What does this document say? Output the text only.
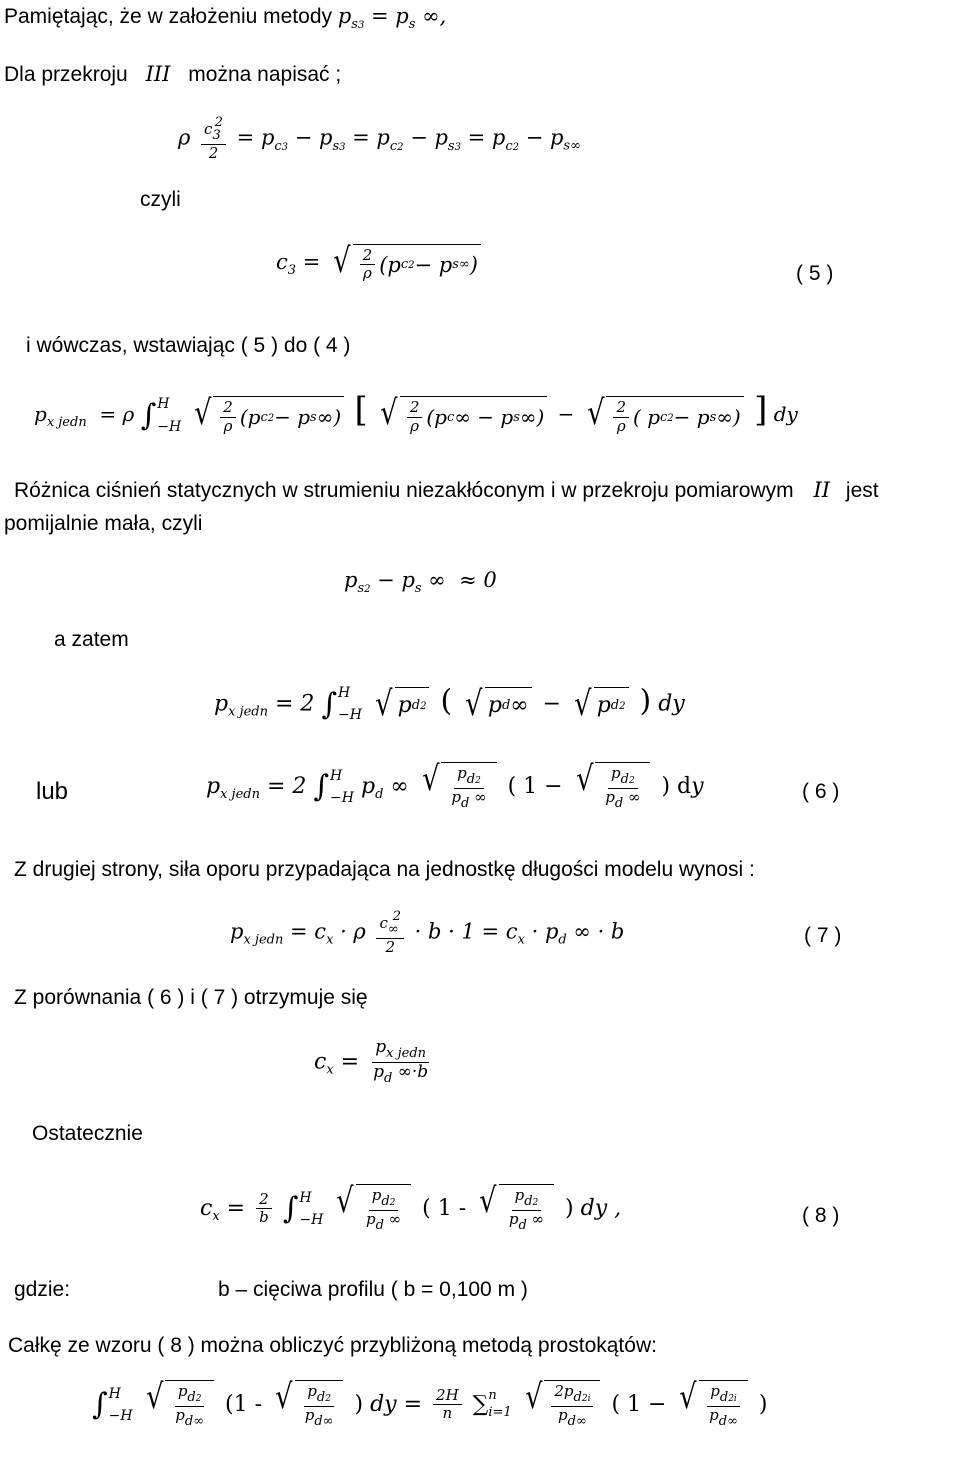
Pamiętając, że w założeniu metody $p_{s3} = p_s$ ∞,
Dla przekroju III można napisać ;
ρ $\frac{c32}{2} = p_{c3} - p_{s3} = p_{c2} - p_{s3} = p_{c2} - p_{s\infty}$
czyli
$c_3$ = √ $\frac{2}{\rho} (p$ c2 − p s∞ )	( 5 )
i wówczas, wstawiając ( 5 ) do ( 4 )
$p_{x jedn} = \rho$ ∫ H
−H
√ $\frac{2}{\rho} (p$ c2 − p s ∞) [ √ $\frac{2}{\rho} (p$ c ∞ − p s ∞) − √ $\frac{2}{\rho}$ ( p c2 − p s ∞) ] dy
Różnica ciśnień statycznych w strumieniu niezakłóconym i w przekroju pomiarowym II jest
pomijalnie mała, czyli
$p_{s2} - p_s$ ∞  ≈ 0
a zatem
$p_{x jedn} = 2$ ∫ H
−H
√ p d2 ( √ p d ∞ − √ p d2 ) dy
lub	$p_{x jedn} = 2$ ∫ H
−H $p_d$ ∞ √ $\frac{pd2}{pd \infty}$ ( 1 − √ $\frac{pd2}{pd \infty}$ ) dy	( 6 )
Z drugiej strony, siła oporu przypadająca na jednostkę długości modelu wynosi :
$p_{x jedn} = c_x \cdot \rho \frac{c\infty 2}{2} \cdot b \cdot 1 = c_x \cdot p_d$ ∞ · b	( 7 )
Z porównania ( 6 ) i ( 7 ) otrzymuje się
$c_x = \frac{p_{x jedn}}{p_d \infty\cdot b}$
Ostatecznie
$c_x = \frac{2}{b}$
∫ H
−H
√ $\frac{pd2}{pd \infty}$ ( 1 - √ $\frac{pd2}{pd \infty}$ ) dy ,	( 8 )
gdzie:	b – cięciwa profilu ( b = 0,100 m )
Całkę ze wzoru ( 8 ) można obliczyć przybliżoną metodą prostokątów:
∫ H
−H
√ $\frac{pd2}{pd\infty} (1$ - √ $\frac{pd2}{pd\infty}$ ) dy = $\frac{2H}{n}$ ∑ n
i=1
√ $\frac{2pd2i}{pd\infty}$ ( 1 − √ $\frac{pd2i}{pd\infty}$ )
